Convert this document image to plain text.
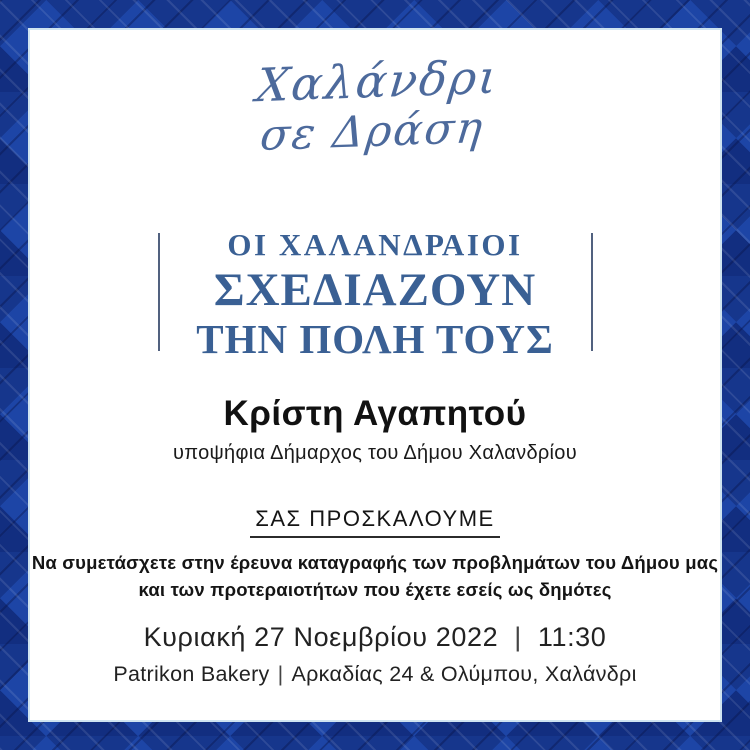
Χαλάνδρι
σε Δράση
ΟΙ ΧΑΛΑΝΔΡΑΙΟΙ
ΣΧΕΔΙΑΖΟΥΝ
ΤΗΝ ΠΟΛΗ ΤΟΥΣ
Κρίστη Αγαπητού
υποψήφια Δήμαρχος του Δήμου Χαλανδρίου
ΣΑΣ ΠΡΟΣΚΑΛΟΥΜΕ
Να συμετάσχετε στην έρευνα καταγραφής των προβλημάτων του Δήμου μας
και των προτεραιοτήτων που έχετε εσείς ως δημότες
Κυριακή 27 Νοεμβρίου 2022 | 11:30
Patrikon Bakery | Αρκαδίας 24 & Ολύμπου, Χαλάνδρι
